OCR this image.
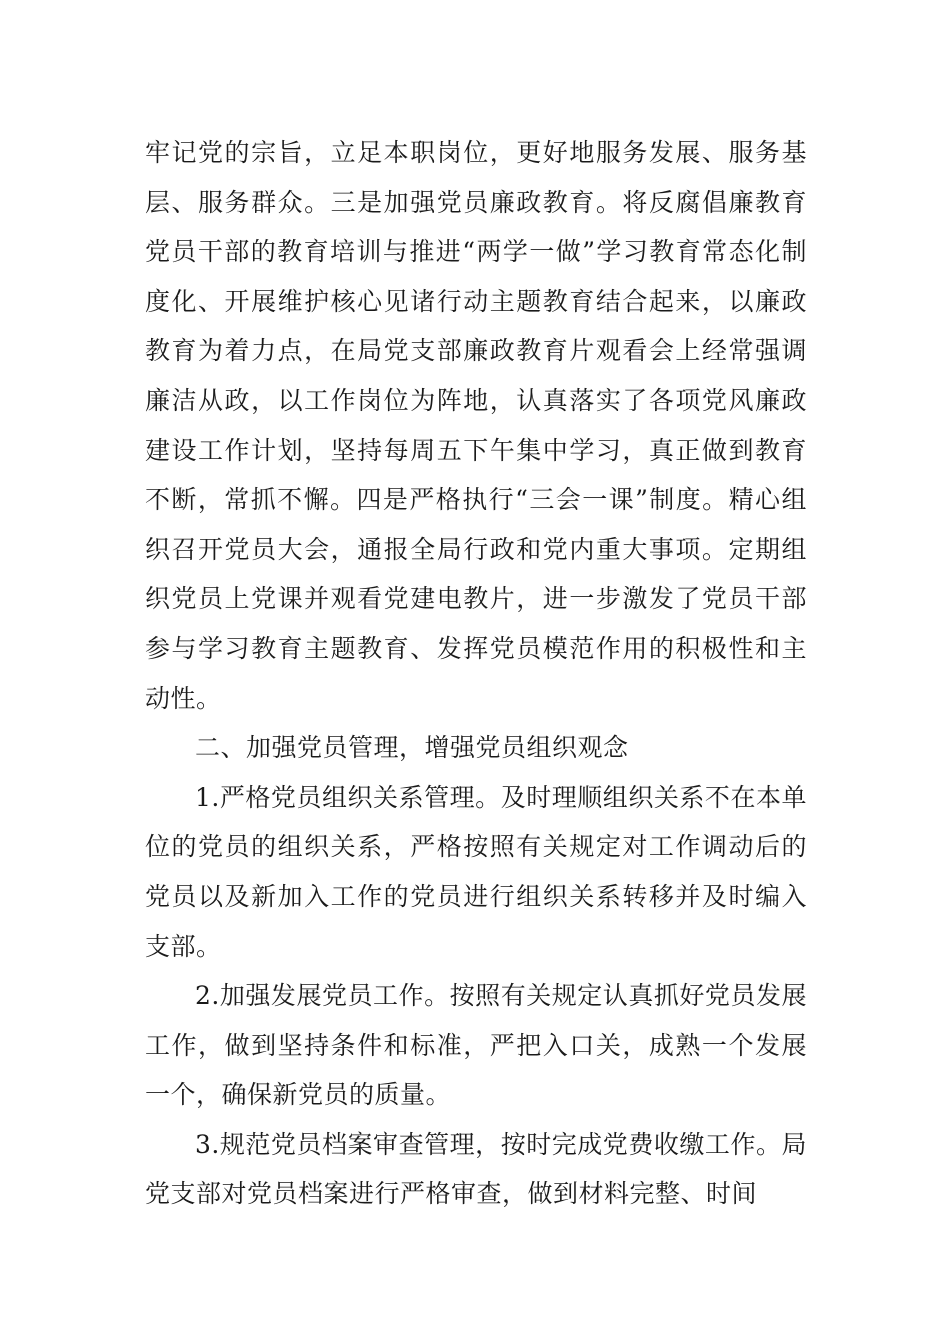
牢记党的宗旨，立足本职岗位，更好地服务发展、服务基层、服务群众。三是加强党员廉政教育。将反腐倡廉教育党员干部的教育培训与推进“两学一做”学习教育常态化制度化、开展维护核心见诸行动主题教育结合起来，以廉政教育为着力点，在局党支部廉政教育片观看会上经常强调廉洁从政，以工作岗位为阵地，认真落实了各项党风廉政建设工作计划，坚持每周五下午集中学习，真正做到教育不断，常抓不懈。四是严格执行“三会一课”制度。精心组织召开党员大会，通报全局行政和党内重大事项。定期组织党员上党课并观看党建电教片，进一步激发了党员干部参与学习教育主题教育、发挥党员模范作用的积极性和主动性。

二、加强党员管理，增强党员组织观念

1.严格党员组织关系管理。及时理顺组织关系不在本单位的党员的组织关系，严格按照有关规定对工作调动后的党员以及新加入工作的党员进行组织关系转移并及时编入支部。

2.加强发展党员工作。按照有关规定认真抓好党员发展工作，做到坚持条件和标准，严把入口关，成熟一个发展一个，确保新党员的质量。

3.规范党员档案审查管理，按时完成党费收缴工作。局党支部对党员档案进行严格审查，做到材料完整、时间
